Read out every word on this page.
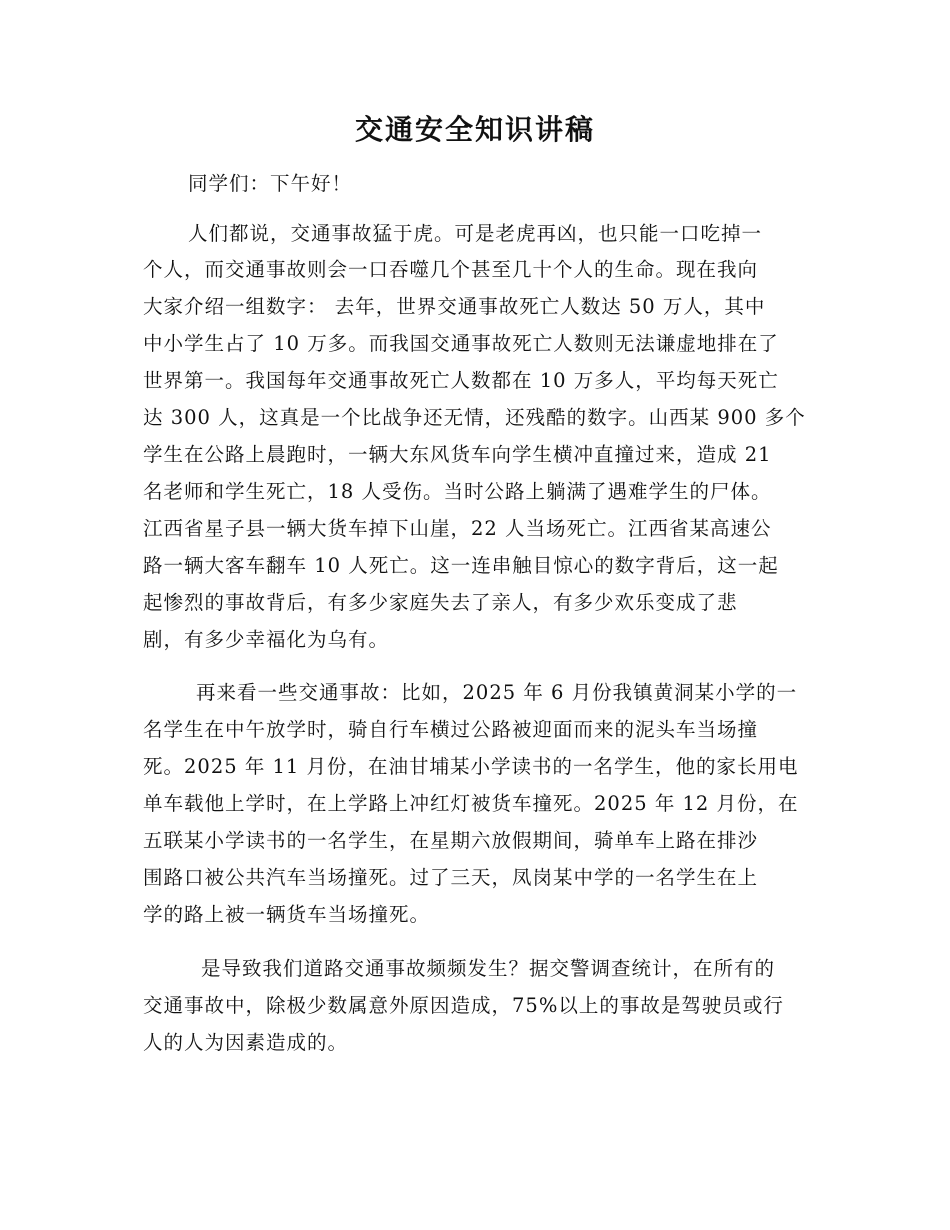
交通安全知识讲稿
同学们：下午好！
人们都说，交通事故猛于虎。可是老虎再凶，也只能一口吃掉一
个人，而交通事故则会一口吞噬几个甚至几十个人的生命。现在我向
大家介绍一组数字： 去年，世界交通事故死亡人数达 50 万人，其中
中小学生占了 10 万多。而我国交通事故死亡人数则无法谦虚地排在了
世界第一。我国每年交通事故死亡人数都在 10 万多人，平均每天死亡
达 300 人，这真是一个比战争还无情，还残酷的数字。山西某 900 多个
学生在公路上晨跑时，一辆大东风货车向学生横冲直撞过来，造成 21
名老师和学生死亡，18 人受伤。当时公路上躺满了遇难学生的尸体。
江西省星子县一辆大货车掉下山崖，22 人当场死亡。江西省某高速公
路一辆大客车翻车 10 人死亡。这一连串触目惊心的数字背后，这一起
起惨烈的事故背后，有多少家庭失去了亲人，有多少欢乐变成了悲
剧，有多少幸福化为乌有。
再来看一些交通事故：比如，2025 年 6 月份我镇黄洞某小学的一
名学生在中午放学时，骑自行车横过公路被迎面而来的泥头车当场撞
死。2025 年 11 月份，在油甘埔某小学读书的一名学生，他的家长用电
单车载他上学时，在上学路上冲红灯被货车撞死。2025 年 12 月份，在
五联某小学读书的一名学生，在星期六放假期间，骑单车上路在排沙
围路口被公共汽车当场撞死。过了三天，凤岗某中学的一名学生在上
学的路上被一辆货车当场撞死。
是导致我们道路交通事故频频发生？据交警调查统计，在所有的
交通事故中，除极少数属意外原因造成，75%以上的事故是驾驶员或行
人的人为因素造成的。
